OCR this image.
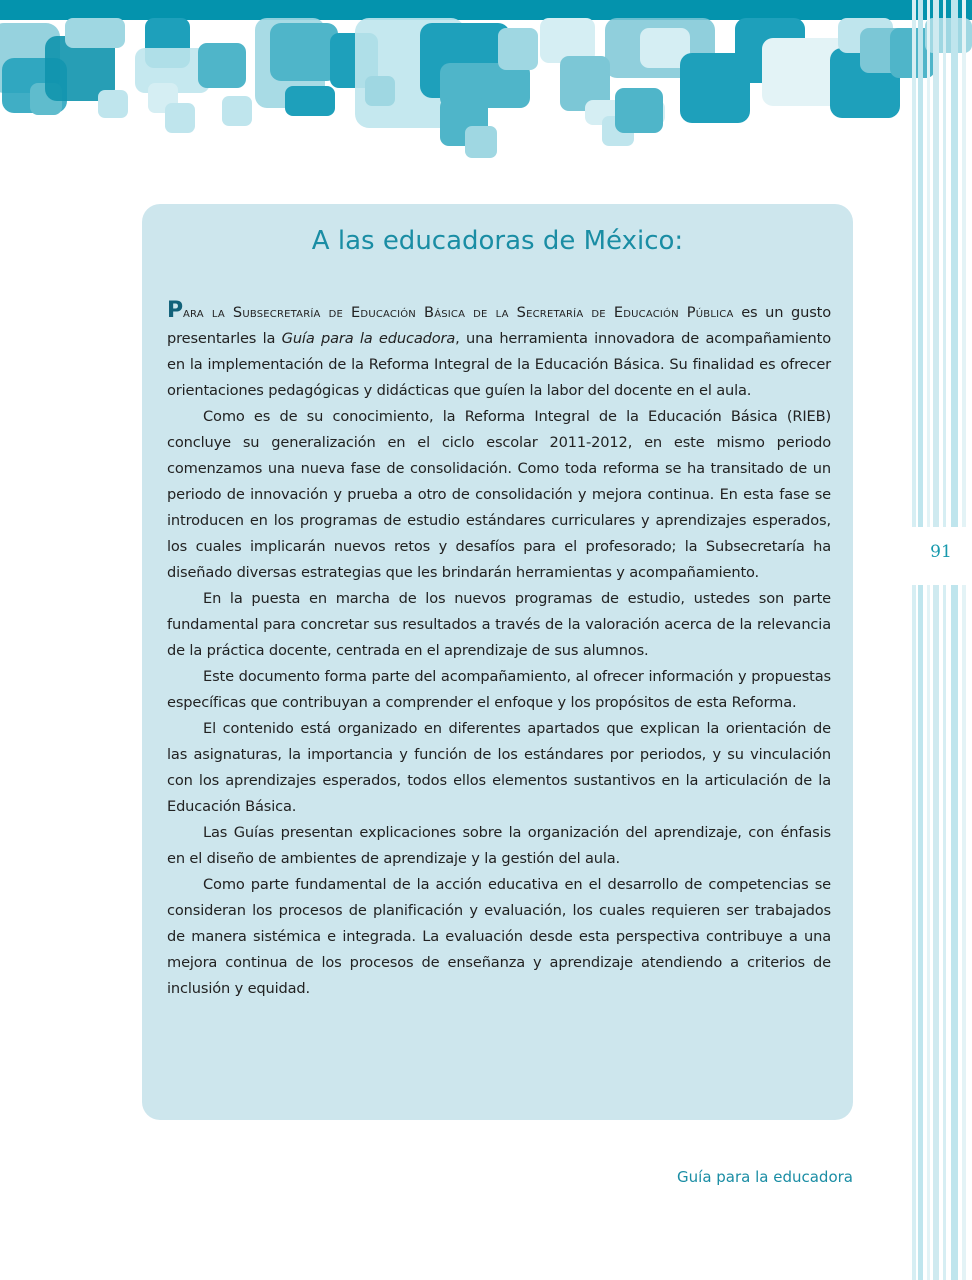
91
A las educadoras de México:

Para la Subsecretaría de Educación Básica de la Secretaría de Educación Pública es un gusto presentarles la Guía para la educadora, una herramienta innovadora de acompañamiento en la implementación de la Reforma Integral de la Educación Básica. Su finalidad es ofrecer orientaciones pedagógicas y didácticas que guíen la labor del docente en el aula.

Como es de su conocimiento, la Reforma Integral de la Educación Básica (RIEB) concluye su generalización en el ciclo escolar 2011-2012, en este mismo periodo comenzamos una nueva fase de consolidación. Como toda reforma se ha transitado de un periodo de innovación y prueba a otro de consolidación y mejora continua. En esta fase se introducen en los programas de estudio estándares curriculares y aprendizajes esperados, los cuales implicarán nuevos retos y desafíos para el profesorado; la Subsecretaría ha diseñado diversas estrategias que les brindarán herramientas y acompañamiento.

En la puesta en marcha de los nuevos programas de estudio, ustedes son parte fundamental para concretar sus resultados a través de la valoración acerca de la relevancia de la práctica docente, centrada en el aprendizaje de sus alumnos.

Este documento forma parte del acompañamiento, al ofrecer información y propuestas específicas que contribuyan a comprender el enfoque y los propósitos de esta Reforma.

El contenido está organizado en diferentes apartados que explican la orientación de las asignaturas, la importancia y función de los estándares por periodos, y su vinculación con los aprendizajes esperados, todos ellos elementos sustantivos en la articulación de la Educación Básica.

Las Guías presentan explicaciones sobre la organización del aprendizaje, con énfasis en el diseño de ambientes de aprendizaje y la gestión del aula.

Como parte fundamental de la acción educativa en el desarrollo de competencias se consideran los procesos de planificación y evaluación, los cuales requieren ser trabajados de manera sistémica e integrada. La evaluación desde esta perspectiva contribuye a una mejora continua de los procesos de enseñanza y aprendizaje atendiendo a criterios de inclusión y equidad.

Guía para la educadora
